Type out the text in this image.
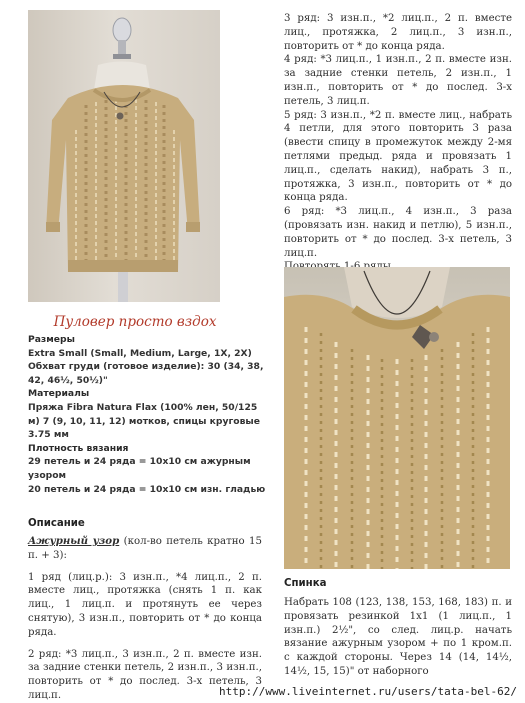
Пуловер просто вздох
Размеры
Extra Small (Small, Medium, Large, 1X, 2X)
Обхват груди (готовое изделие): 30 (34, 38,
42, 46½, 50½)"
Материалы
Пряжа Fibra Natura Flax (100% лен, 50/125
м) 7 (9, 10, 11, 12) мотков, спицы круговые
3.75 мм
Плотность вязания
29 петель и 24 ряда = 10x10 см ажурным
узором
20 петель и 24 ряда = 10x10 см изн. гладью
Описание

Ажурный узор (кол-во петель кратно 15 п. + 3):

1 ряд (лиц.р.): 3 изн.п., *4 лиц.п., 2 п. вместе лиц., протяжка (снять 1 п. как лиц., 1 лиц.п. и протянуть ее через снятую), 3 изн.п., повторить от * до конца ряда.

2 ряд: *3 лиц.п., 3 изн.п., 2 п. вместе изн. за задние стенки петель, 2 изн.п., 3 изн.п., повторить от * до послед. 3-х петель, 3 лиц.п.

3 ряд: 3 изн.п., *2 лиц.п., 2 п. вместе лиц., протяжка, 2 лиц.п., 3 изн.п., повторить от * до конца ряда.

4 ряд: *3 лиц.п., 1 изн.п., 2 п. вместе изн. за задние стенки петель, 2 изн.п., 1 изн.п., повторить от * до послед. 3-х петель, 3 лиц.п.

5 ряд: 3 изн.п., *2 п. вместе лиц., набрать 4 петли, для этого повторить 3 раза (ввести спицу в промежуток между 2-мя петлями предыд. ряда и провязать 1 лиц.п., сделать накид), набрать 3 п., протяжка, 3 изн.п., повторить от * до конца ряда.

6 ряд: *3 лиц.п., 4 изн.п., 3 раза (провязать изн. накид и петлю), 5 изн.п., повторить от * до послед. 3-х петель, 3 лиц.п.

Спинка
Набрать 108 (123, 138, 153, 168, 183) п. и провязать резинкой 1x1 (1 лиц.п., 1 изн.п.) 2½", со след. лиц.р. начать вязание ажурным узором + по 1 кром.п. с каждой стороны. Через 14 (14, 14½, 14½, 15, 15)" от наборного
http://www.liveinternet.ru/users/tata-bel-62/
